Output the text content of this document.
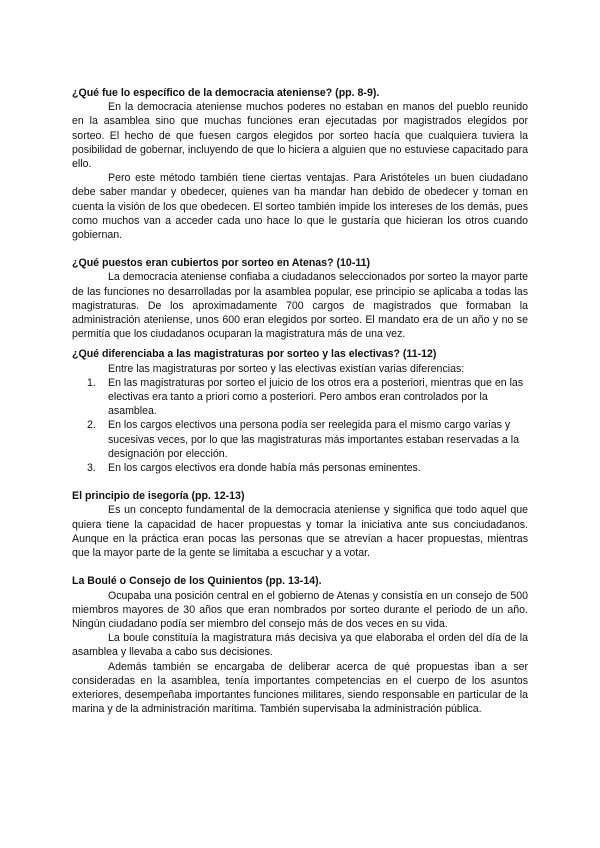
¿Qué fue lo específico de la democracia ateniense? (pp. 8-9).

En la democracia ateniense muchos poderes no estaban en manos del pueblo reunido en la asamblea sino que muchas funciones eran ejecutadas por magistrados elegidos por sorteo. El hecho de que fuesen cargos elegidos por sorteo hacía que cualquiera tuviera la posibilidad de gobernar, incluyendo de que lo hiciera a alguien que no estuviese capacitado para ello.

Pero este método también tiene ciertas ventajas. Para Aristóteles un buen ciudadano debe saber mandar y obedecer, quienes van ha mandar han debido de obedecer y toman en cuenta la visión de los que obedecen. El sorteo también impide los intereses de los demás, pues como muchos van a acceder cada uno hace lo que le gustaría que hicieran los otros cuando gobiernan.

¿Qué puestos eran cubiertos por sorteo en Atenas? (10-11)

La democracia ateniense confiaba a ciudadanos seleccionados por sorteo la mayor parte de las funciones no desarrolladas por la asamblea popular, ese principio se aplicaba a todas las magistraturas. De los aproximadamente 700 cargos de magistrados que formaban la administración ateniense, unos 600 eran elegidos por sorteo. El mandato era de un año y no se permitía que los ciudadanos ocuparan la magistratura más de una vez.

¿Qué diferenciaba a las magistraturas por sorteo y las electivas? (11-12)

Entre las magistraturas por sorteo y las electivas existían varias diferencias:

1. En las magistraturas por sorteo el juicio de los otros era a posteriori, mientras que en las electivas era tanto a priori como a posteriori. Pero ambos eran controlados por la asamblea.
2. En los cargos electivos una persona podía ser reelegida para el mismo cargo varias y sucesivas veces, por lo que las magistraturas más importantes estaban reservadas a la designación por elección.
3. En los cargos electivos era donde había más personas eminentes.

El principio de isegoría (pp. 12-13)

Es un concepto fundamental de la democracia ateniense y significa que todo aquel que quiera tiene la capacidad de hacer propuestas y tomar la iniciativa ante sus conciudadanos. Aunque en la práctica eran pocas las personas que se atrevían a hacer propuestas, mientras que la mayor parte de la gente se limitaba a escuchar y a votar.

La Boulé o Consejo de los Quinientos (pp. 13-14).

Ocupaba una posición central en el gobierno de Atenas y consistía en un consejo de 500 miembros mayores de 30 años que eran nombrados por sorteo durante el periodo de un año. Ningún ciudadano podía ser miembro del consejo más de dos veces en su vida.

La boule constituía la magistratura más decisiva ya que elaboraba el orden del día de la asamblea y llevaba a cabo sus decisiones.

Además también se encargaba de deliberar acerca de qué propuestas iban a ser consideradas en la asamblea, tenía importantes competencias en el cuerpo de los asuntos exteriores, desempeñaba importantes funciones militares, siendo responsable en particular de la marina y de la administración marítima. También supervisaba la administración pública.
